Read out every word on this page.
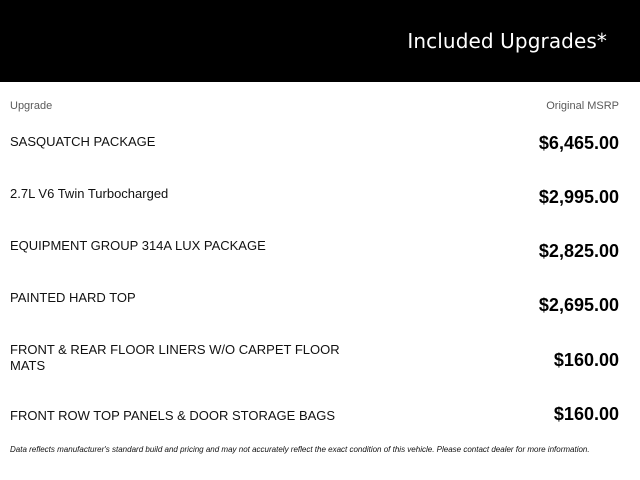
Included Upgrades*
Upgrade	Original MSRP
SASQUATCH PACKAGE	$6,465.00
2.7L V6 Twin Turbocharged	$2,995.00
EQUIPMENT GROUP 314A LUX PACKAGE	$2,825.00
PAINTED HARD TOP	$2,695.00
FRONT & REAR FLOOR LINERS W/O CARPET FLOOR MATS	$160.00
FRONT ROW TOP PANELS & DOOR STORAGE BAGS	$160.00
Data reflects manufacturer's standard build and pricing and may not accurately reflect the exact condition of this vehicle. Please contact dealer for more information.
